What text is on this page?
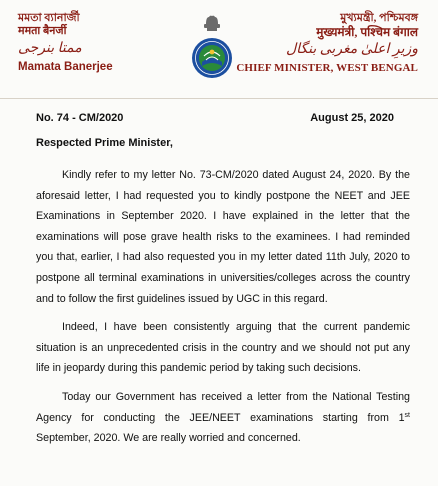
মমতা ব্যানার্জী
ममता बैनर्जी
ممتا بنرجی
Mamata Banerjee
মুখ্যমন্ত্রী, পশ্চিমবঙ্গ
मुख्यमंत्री, पश्चिम बंगाल
وزیرِ اعلیٰ مغربی بنگال
CHIEF MINISTER, WEST BENGAL
No. 74 - CM/2020	August 25, 2020
Respected Prime Minister,

Kindly refer to my letter No. 73-CM/2020 dated August 24, 2020. By the aforesaid letter, I had requested you to kindly postpone the NEET and JEE Examinations in September 2020. I have explained in the letter that the examinations will pose grave health risks to the examinees. I had reminded you that, earlier, I had also requested you in my letter dated 11th July, 2020 to postpone all terminal examinations in universities/colleges across the country and to follow the first guidelines issued by UGC in this regard.

Indeed, I have been consistently arguing that the current pandemic situation is an unprecedented crisis in the country and we should not put any life in jeopardy during this pandemic period by taking such decisions.

Today our Government has received a letter from the National Testing Agency for conducting the JEE/NEET examinations starting from 1st September, 2020. We are really worried and concerned.
